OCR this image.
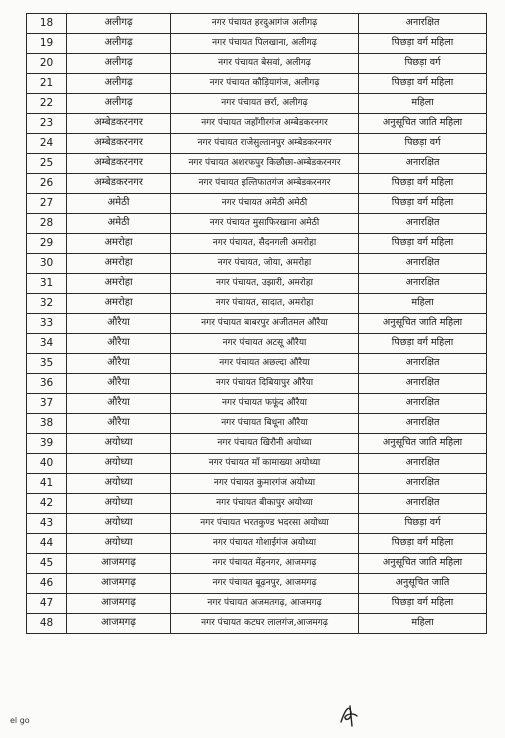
18	अलीगढ़	नगर पंचायत हरदुआगंज अलीगढ़	अनारक्षित
19	अलीगढ़	नगर पंचायत पिलखाना, अलीगढ़	पिछड़ा वर्ग महिला
20	अलीगढ़	नगर पंचायत बेसवां, अलीगढ़	पिछड़ा वर्ग
21	अलीगढ़	नगर पंचायत कौड़ियागंज, अलीगढ़	पिछड़ा वर्ग महिला
22	अलीगढ़	नगर पंचायत छर्रा, अलीगढ़	महिला
23	अम्बेडकरनगर	नगर पंचायत जहाँगीरगंज अम्बेडकरनगर	अनुसूचित जाति महिला
24	अम्बेडकरनगर	नगर पंचायत राजेसुल्तानपुर अम्बेडकरनगर	पिछड़ा वर्ग
25	अम्बेडकरनगर	नगर पंचायत अशरफपुर किछौछा-अम्बेडकरनगर	अनारक्षित
26	अम्बेडकरनगर	नगर पंचायत इल्तिफातगंज अम्बेडकरनगर	पिछड़ा वर्ग महिला
27	अमेठी	नगर पंचायत अमेठी अमेठी	पिछड़ा वर्ग महिला
28	अमेठी	नगर पंचायत मुसाफिरखाना अमेठी	अनारक्षित
29	अमरोहा	नगर पंचायत, सैदनगली अमरोहा	पिछड़ा वर्ग महिला
30	अमरोहा	नगर पंचायत, जोया, अमरोहा	अनारक्षित
31	अमरोहा	नगर पंचायत, उझारी, अमरोहा	अनारक्षित
32	अमरोहा	नगर पंचायत, सादात, अमरोहा	महिला
33	औरैया	नगर पंचायत बाबरपुर अजीतमल औरैया	अनुसूचित जाति महिला
34	औरैया	नगर पंचायत अटसू औरैया	पिछड़ा वर्ग महिला
35	औरैया	नगर पंचायत अछल्दा औरैया	अनारक्षित
36	औरैया	नगर पंचायत दिबियापुर औरैया	अनारक्षित
37	औरैया	नगर पंचायत फफूंद औरैया	अनारक्षित
38	औरैया	नगर पंचायत बिधूना औरैया	अनारक्षित
39	अयोध्या	नगर पंचायत खिरौनी अयोध्या	अनुसूचित जाति महिला
40	अयोध्या	नगर पंचायत माँ कामाख्या अयोध्या	अनारक्षित
41	अयोध्या	नगर पंचायत कुमारगंज अयोध्या	अनारक्षित
42	अयोध्या	नगर पंचायत बीकापुर अयोध्या	अनारक्षित
43	अयोध्या	नगर पंचायत भरतकुण्ड भदरसा अयोध्या	पिछड़ा वर्ग
44	अयोध्या	नगर पंचायत गोशाईगंज अयोध्या	पिछड़ा वर्ग महिला
45	आजमगढ़	नगर पंचायत मेंहनगर, आजमगढ़	अनुसूचित जाति महिला
46	आजमगढ़	नगर पंचायत बूढ़नपुर, आजमगढ़	अनुसूचित जाति
47	आजमगढ़	नगर पंचायत अजमतगढ़, आजमगढ़	पिछड़ा वर्ग महिला
48	आजमगढ़	नगर पंचायत कटघर लालगंज,आजमगढ़	महिला
el go
